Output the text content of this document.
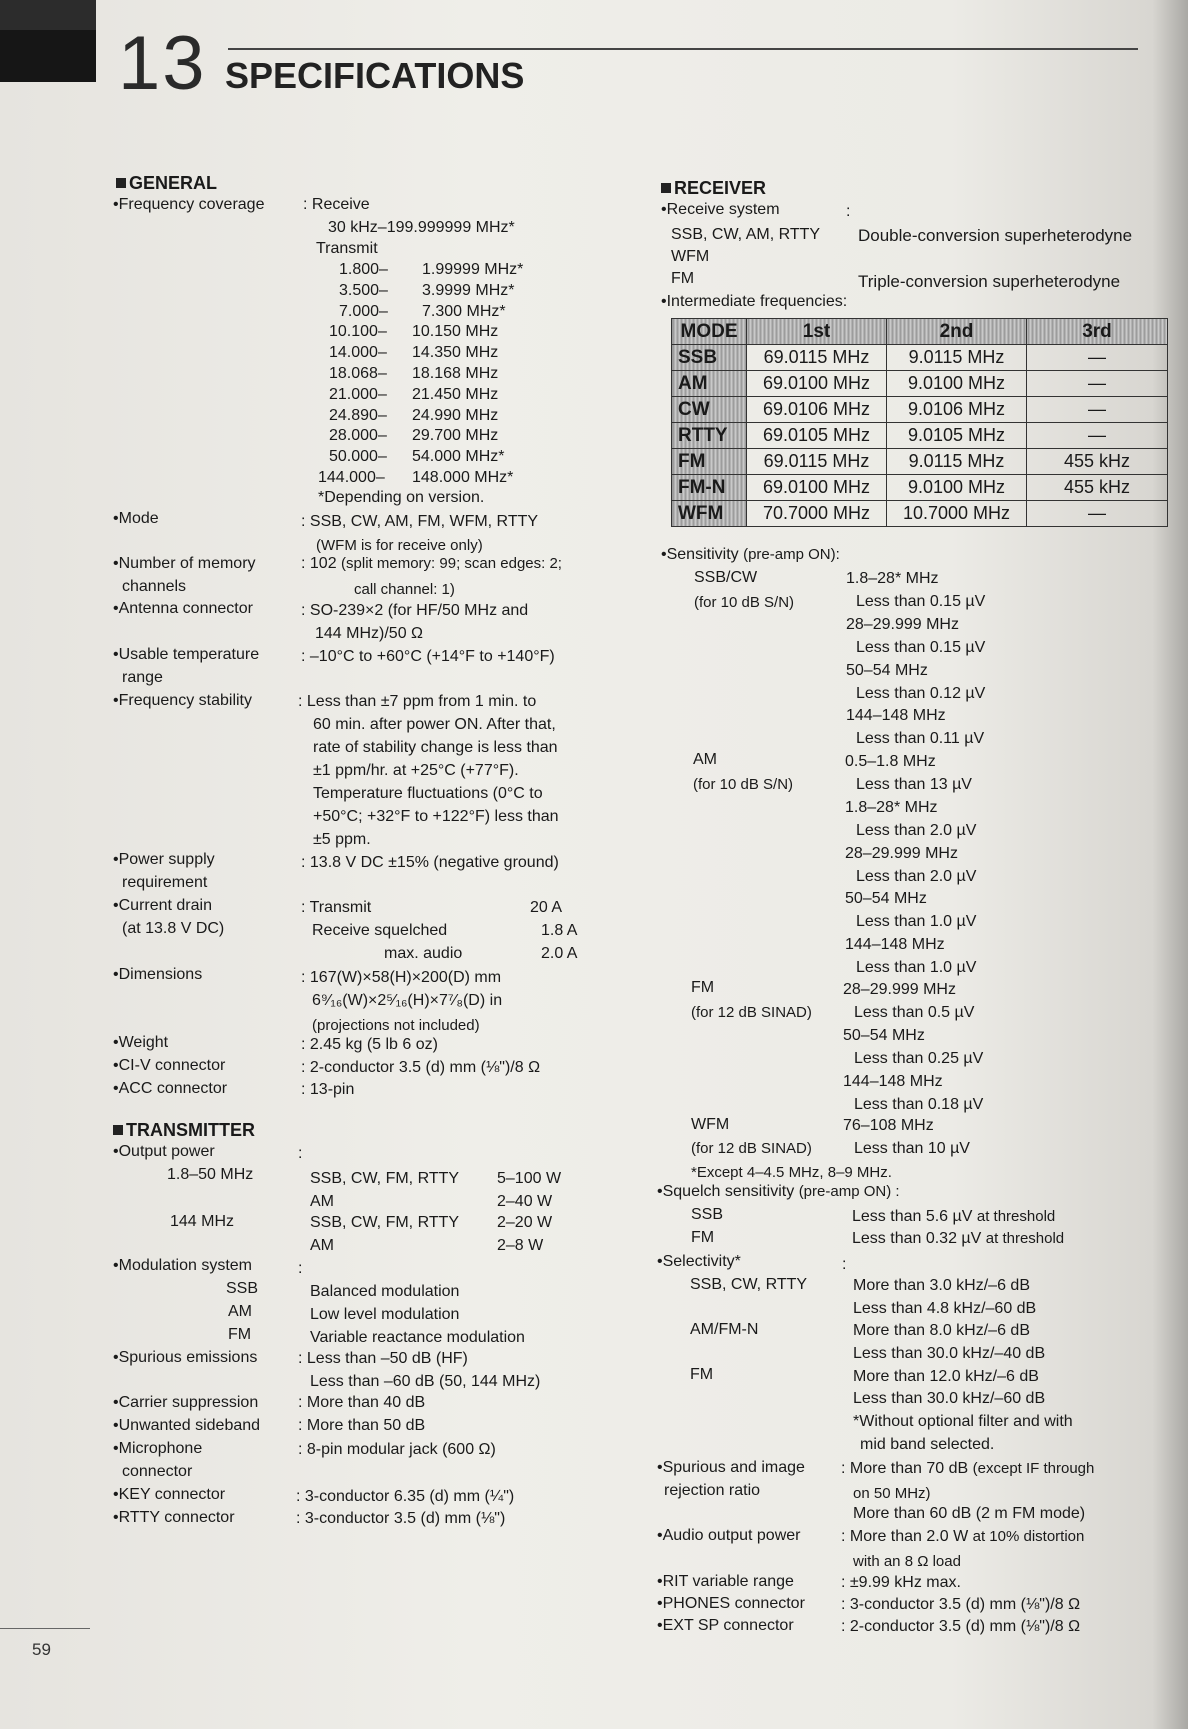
13 SPECIFICATIONS
GENERAL
•Frequency coverage : Receive
30 kHz–199.999999 MHz*
Transmit
1.800– 1.99999 MHz*
3.500– 3.9999 MHz*
7.000– 7.300 MHz*
10.100– 10.150 MHz
14.000– 14.350 MHz
18.068– 18.168 MHz
21.000– 21.450 MHz
24.890– 24.990 MHz
28.000– 29.700 MHz
50.000– 54.000 MHz*
144.000– 148.000 MHz*
*Depending on version.
•Mode	: SSB, CW, AM, FM, WFM, RTTY
(WFM is for receive only)
•Number of memory
channels
: 102 (split memory: 99; scan edges: 2;
call channel: 1)
•Antenna connector	: SO-239×2 (for HF/50 MHz and
144 MHz)/50 Ω
•Usable temperature
range
: –10°C to +60°C (+14°F to +140°F)
•Frequency stability	: Less than ±7 ppm from 1 min. to
60 min. after power ON. After that,
rate of stability change is less than
±1 ppm/hr. at +25°C (+77°F).
Temperature fluctuations (0°C to
+50°C; +32°F to +122°F) less than
±5 ppm.
•Power supply
requirement
: 13.8 V DC ±15% (negative ground)
•Current drain
(at 13.8 V DC)
: Transmit	20 A
Receive squelched	1.8 A
max. audio	2.0 A
•Dimensions	: 167(W)×58(H)×200(D) mm
6⁹⁄₁₆(W)×2⁵⁄₁₆(H)×7⁷⁄₈(D) in
(projections not included)
•Weight	: 2.45 kg (5 lb 6 oz)
•CI-V connector	: 2-conductor 3.5 (d) mm (⅛")/8 Ω
•ACC connector	: 13-pin
TRANSMITTER
•Output power	:
1.8–50 MHz	SSB, CW, FM, RTTY 5–100 W
AM	2–40 W
144 MHz	SSB, CW, FM, RTTY 2–20 W
AM	2–8 W
•Modulation system	:
SSB	Balanced modulation
AM	Low level modulation
FM	Variable reactance modulation
•Spurious emissions	: Less than –50 dB (HF)
Less than –60 dB (50, 144 MHz)
•Carrier suppression : More than 40 dB
•Unwanted sideband : More than 50 dB
•Microphone
connector
: 8-pin modular jack (600 Ω)
•KEY connector	: 3-conductor 6.35 (d) mm (¼")
•RTTY connector	: 3-conductor 3.5 (d) mm (⅛")
RECEIVER
•Receive system	:
SSB, CW, AM, RTTY Double-conversion superheterodyne
WFM
FM	Triple-conversion superheterodyne
•Intermediate frequencies:
MODE	1st	2nd	3rd
SSB	69.0115 MHz	9.0115 MHz	—
AM	69.0100 MHz	9.0100 MHz	—
CW	69.0106 MHz	9.0106 MHz	—
RTTY	69.0105 MHz	9.0105 MHz	—
FM	69.0115 MHz	9.0115 MHz	455 kHz
FM-N	69.0100 MHz	9.0100 MHz	455 kHz
WFM	70.7000 MHz	10.7000 MHz	—
•Sensitivity (pre-amp ON):
SSB/CW
(for 10 dB S/N)
1.8–28* MHz
Less than 0.15 µV
28–29.999 MHz
Less than 0.15 µV
50–54 MHz
Less than 0.12 µV
144–148 MHz
Less than 0.11 µV
AM
(for 10 dB S/N)
0.5–1.8 MHz
Less than 13 µV
1.8–28* MHz
Less than 2.0 µV
28–29.999 MHz
Less than 2.0 µV
50–54 MHz
Less than 1.0 µV
144–148 MHz
Less than 1.0 µV
FM
(for 12 dB SINAD)
28–29.999 MHz
Less than 0.5 µV
50–54 MHz
Less than 0.25 µV
144–148 MHz
Less than 0.18 µV
WFM	76–108 MHz
(for 12 dB SINAD)	Less than 10 µV
*Except 4–4.5 MHz, 8–9 MHz.
•Squelch sensitivity (pre-amp ON) :
SSB	Less than 5.6 µV at threshold
FM	Less than 0.32 µV at threshold
•Selectivity*	:
SSB, CW, RTTY	More than 3.0 kHz/–6 dB
Less than 4.8 kHz/–60 dB
AM/FM-N	More than 8.0 kHz/–6 dB
Less than 30.0 kHz/–40 dB
FM	More than 12.0 kHz/–6 dB
Less than 30.0 kHz/–60 dB
*Without optional filter and with
mid band selected.
•Spurious and image
rejection ratio
: More than 70 dB (except IF through
on 50 MHz)
More than 60 dB (2 m FM mode)
•Audio output power	: More than 2.0 W at 10% distortion
with an 8 Ω load
•RIT variable range	: ±9.99 kHz max.
•PHONES connector : 3-conductor 3.5 (d) mm (⅛")/8 Ω
•EXT SP connector	: 2-conductor 3.5 (d) mm (⅛")/8 Ω
59
